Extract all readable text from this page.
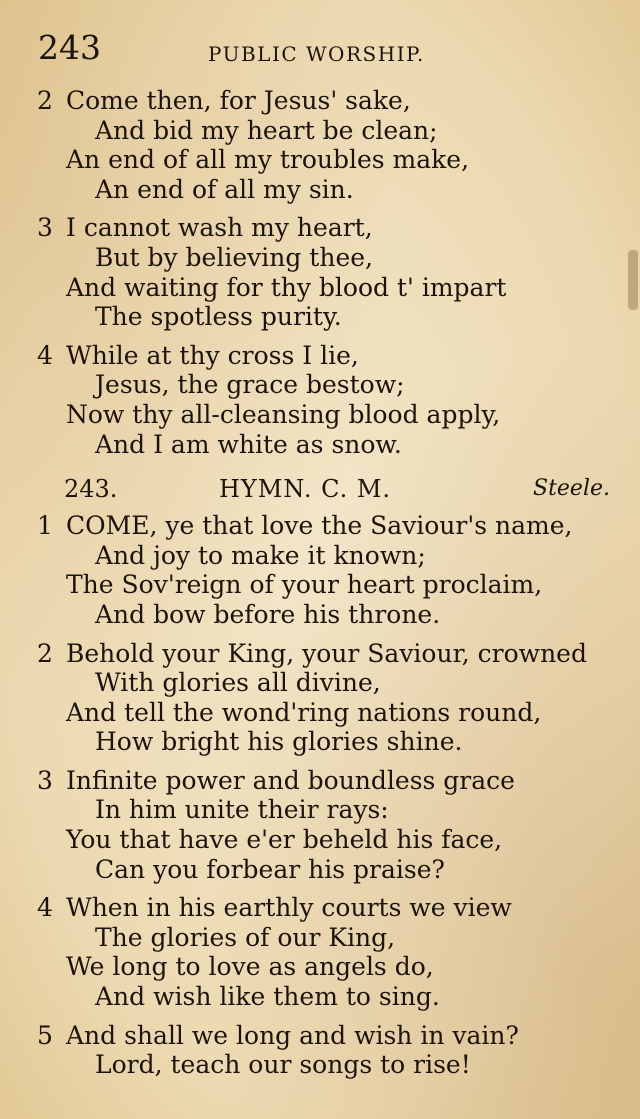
243	PUBLIC WORSHIP.
2 Come then, for Jesus' sake,
And bid my heart be clean;
An end of all my troubles make,
An end of all my sin.
3 I cannot wash my heart,
But by believing thee,
And waiting for thy blood t' impart
The spotless purity.
4 While at thy cross I lie,
Jesus, the grace bestow;
Now thy all-cleansing blood apply,
And I am white as snow.
243.	HYMN. C. M.	Steele.
1 COME, ye that love the Saviour's name,
And joy to make it known;
The Sov'reign of your heart proclaim,
And bow before his throne.
2 Behold your King, your Saviour, crowned
With glories all divine,
And tell the wond'ring nations round,
How bright his glories shine.
3 Infinite power and boundless grace
In him unite their rays:
You that have e'er beheld his face,
Can you forbear his praise?
4 When in his earthly courts we view
The glories of our King,
We long to love as angels do,
And wish like them to sing.
5 And shall we long and wish in vain?
Lord, teach our songs to rise!
